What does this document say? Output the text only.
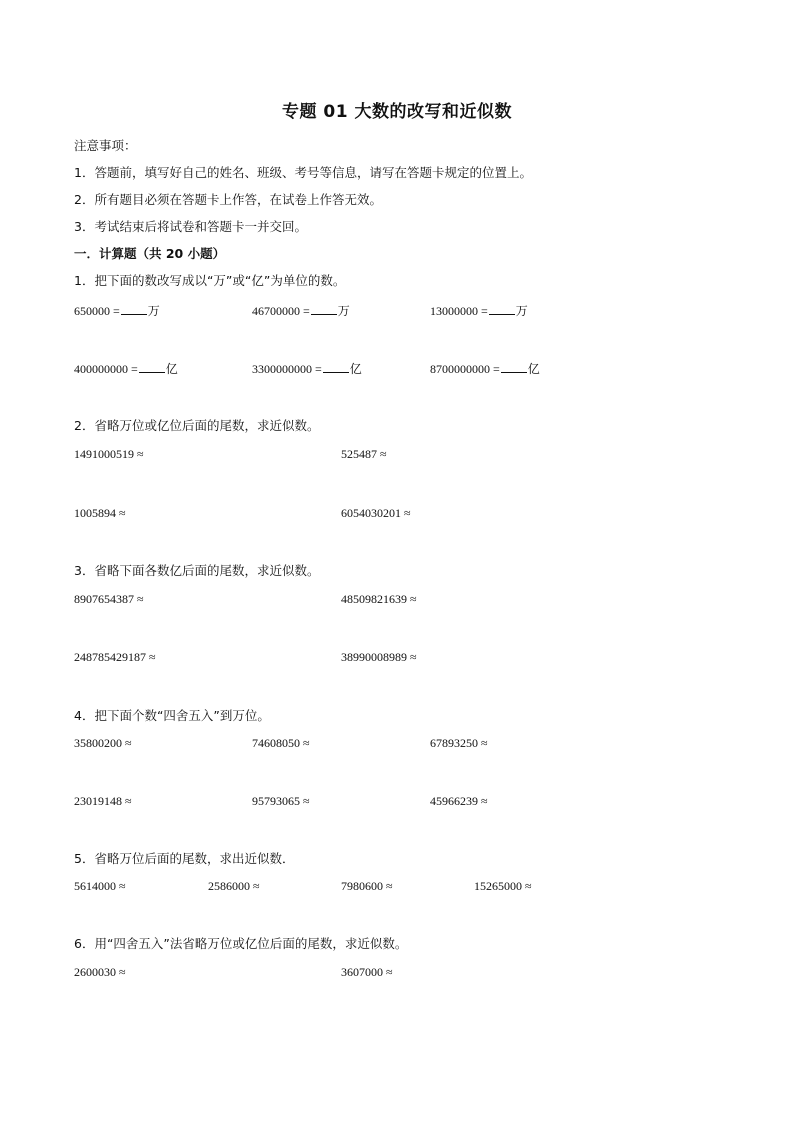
专题 01 大数的改写和近似数
注意事项：
1．答题前，填写好自己的姓名、班级、考号等信息，请写在答题卡规定的位置上。
2．所有题目必须在答题卡上作答，在试卷上作答无效。
3．考试结束后将试卷和答题卡一并交回。
一．计算题（共 20 小题）
1．把下面的数改写成以“万”或“亿”为单位的数。
650000 = 万	46700000 = 万	13000000 = 万
400000000 = 亿	3300000000 = 亿	8700000000 = 亿
2．省略万位或亿位后面的尾数，求近似数。
1491000519 ≈	525487 ≈
1005894 ≈	6054030201 ≈
3．省略下面各数亿后面的尾数，求近似数。
8907654387 ≈	48509821639 ≈
248785429187 ≈	38990008989 ≈
4．把下面个数“四舍五入”到万位。
35800200 ≈	74608050 ≈	67893250 ≈
23019148 ≈	95793065 ≈	45966239 ≈
5．省略万位后面的尾数，求出近似数．
5614000 ≈	2586000 ≈	7980600 ≈	15265000 ≈
6．用“四舍五入”法省略万位或亿位后面的尾数，求近似数。
2600030 ≈	3607000 ≈
